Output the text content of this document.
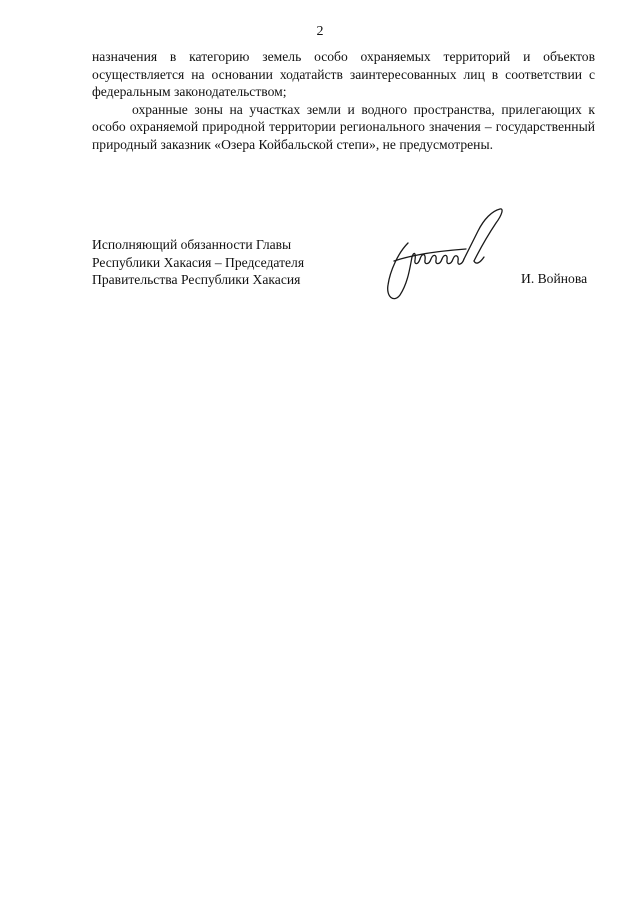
2

назначения в категорию земель особо охраняемых территорий и объектов осуществляется на основании ходатайств заинтересованных лиц в соответствии с федеральным законодательством;

охранные зоны на участках земли и водного пространства, прилегающих к особо охраняемой природной территории регионального значения – государственный природный заказник «Озера Койбальской степи», не предусмотрены.

Исполняющий обязанности Главы
Республики Хакасия – Председателя
Правительства Республики Хакасия	И. Войнова
